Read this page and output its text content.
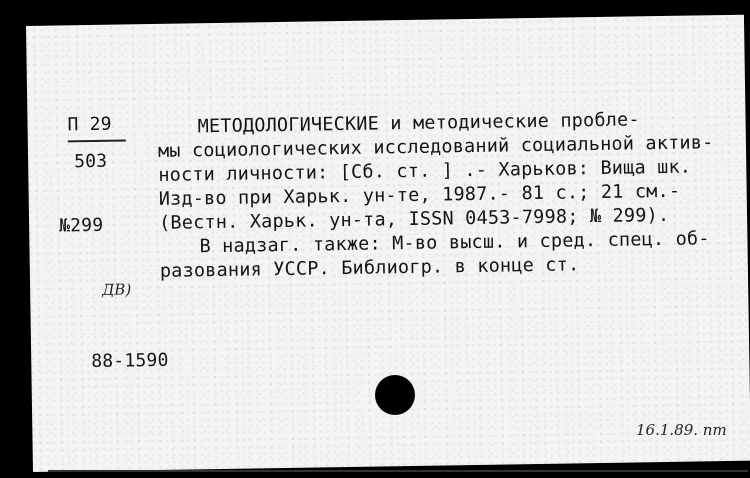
П 29
503
№299
ДВ)
МЕТОДОЛОГИЧЕСКИЕ и методические пробле-
мы социологических исследований социальной актив-
ности личности: [Сб. ст. ] .- Харьков: Вища шк.
Изд-во при Харьк. ун-те, 1987.- 81 с.; 21 см.-
(Вестн. Харьк. ун-та, ISSN 0453-7998; № 299).
В надзаг. также: М-во высш. и сред. спец. об-
разования УССР. Библиогр. в конце ст.
88-1590
16.1.89. пт
